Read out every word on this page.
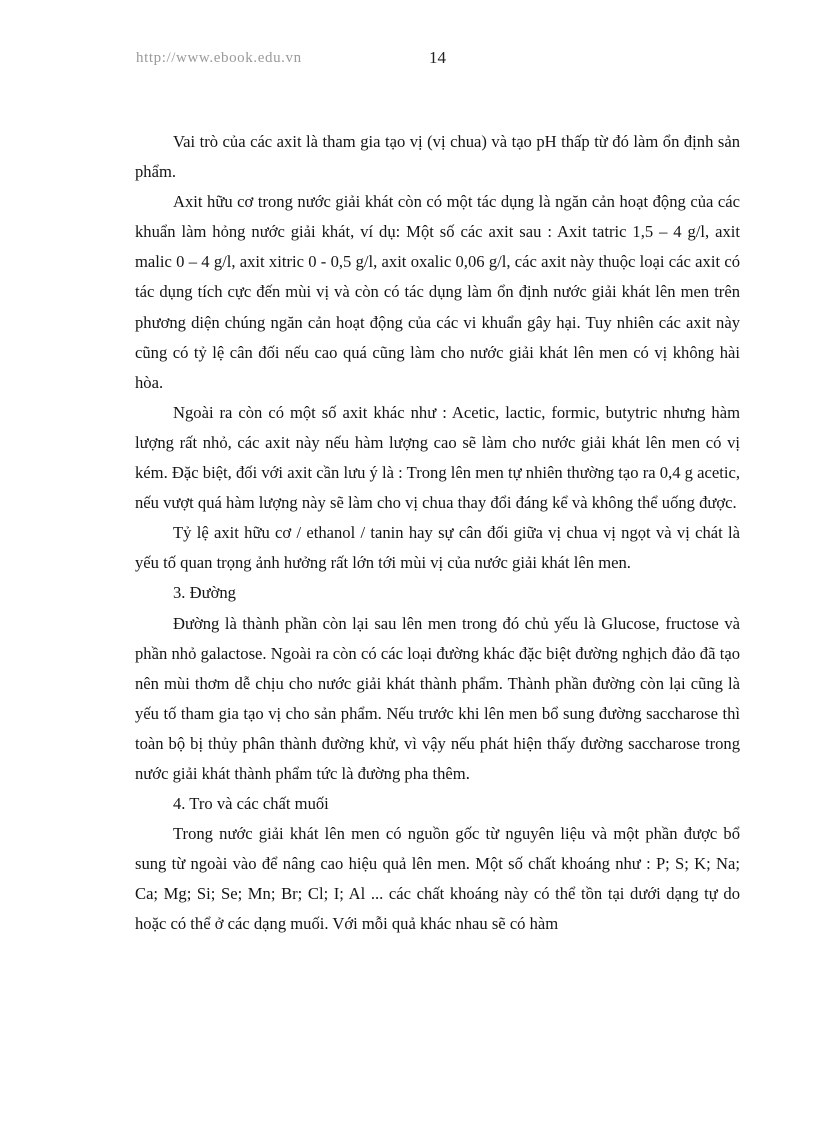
http://www.ebook.edu.vn	14

Vai trò của các axit là tham gia tạo vị (vị chua) và tạo pH thấp từ đó làm ổn định sản phẩm.

Axit hữu cơ trong nước giải khát còn có một tác dụng là ngăn cản hoạt động của các khuẩn làm hỏng nước giải khát, ví dụ: Một số các axit sau : Axit tatric 1,5 – 4 g/l, axit malic 0 – 4 g/l, axit xitric 0 - 0,5 g/l, axit oxalic 0,06 g/l, các axit này thuộc loại các axit có tác dụng tích cực đến mùi vị và còn có tác dụng làm ổn định nước giải khát lên men trên phương diện chúng ngăn cản hoạt động của các vi khuẩn gây hại. Tuy nhiên các axit này cũng có tỷ lệ cân đối nếu cao quá cũng làm cho nước giải khát lên men có vị không hài hòa.

Ngoài ra còn có một số axit khác như : Acetic, lactic, formic, butytric nhưng hàm lượng rất nhỏ, các axit này nếu hàm lượng cao sẽ làm cho nước giải khát lên men có vị kém. Đặc biệt, đối với axit cần lưu ý là : Trong lên men tự nhiên thường tạo ra 0,4 g acetic, nếu vượt quá hàm lượng này sẽ làm cho vị chua thay đổi đáng kể và không thể uống được.

Tỷ lệ axit hữu cơ / ethanol / tanin hay sự cân đối giữa vị chua vị ngọt và vị chát là yếu tố quan trọng ảnh hưởng rất lớn tới mùi vị của nước giải khát lên men.

3. Đường

Đường là thành phần còn lại sau lên men trong đó chủ yếu là Glucose, fructose và phần nhỏ galactose. Ngoài ra còn có các loại đường khác đặc biệt đường nghịch đảo đã tạo nên mùi thơm dễ chịu cho nước giải khát thành phẩm. Thành phần đường còn lại cũng là yếu tố tham gia tạo vị cho sản phẩm. Nếu trước khi lên men bổ sung đường saccharose thì toàn bộ bị thủy phân thành đường khử, vì vậy nếu phát hiện thấy đường saccharose trong nước giải khát thành phẩm tức là đường pha thêm.

4. Tro và các chất muối

Trong nước giải khát lên men có nguồn gốc từ nguyên liệu và một phần được bổ sung từ ngoài vào để nâng cao hiệu quả lên men. Một số chất khoáng như : P; S; K; Na; Ca; Mg; Si; Se; Mn; Br; Cl; I; Al ... các chất khoáng này có thể tồn tại dưới dạng tự do hoặc có thể ở các dạng muối. Với mỗi quả khác nhau sẽ có hàm
